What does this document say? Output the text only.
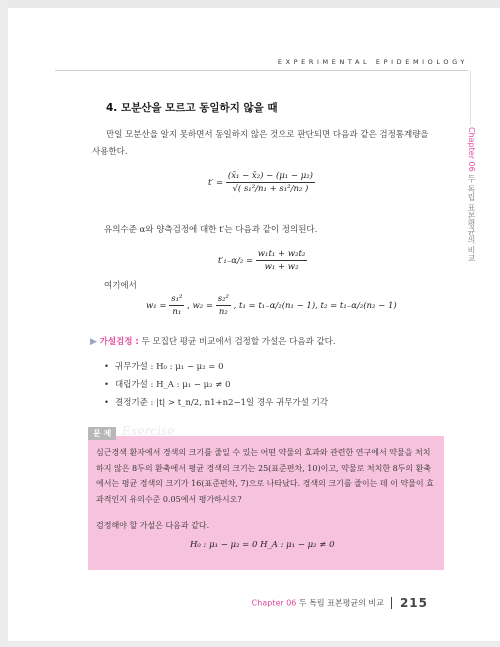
EXPERIMENTAL EPIDEMIOLOGY
Chapter 06 두 독립 표본평균의 비교
4. 모분산을 모르고 동일하지 않을 때
만일 모분산을 알지 못하면서 동일하지 않은 것으로 판단되면 다음과 같은 검정통계량을 사용한다.
$t' = \frac{\text{(x̄₁ − x̄₂) − (μ₁ − μ₂)}}{\text{√( s₁²/n₁ + s₁²/n₂ )}}$
유의수준 α와 양측검정에 대한 t′는 다음과 같이 정의된다.
$t'_{1-}\alpha/_2 = \frac{\text{w₁t₁ + w₂t₂}}{\text{w₁ + w₂}}$
여기에서
$w_1 = \frac{\text{s₁²}}{\text{n₁}}$ , $w_2 = \frac{\text{s₂²}}{\text{n₂}}$ , t₁ = t₁₋α/₂(n₁ − 1), t₂ = t₁₋α/₂(n₂ − 1)
▶ 가설검정 : 두 모집단 평균 비교에서 검정할 가설은 다음과 같다.
• 귀무가설 : H₀ : μ₁ − μ₂ = 0
• 대립가설 : H_A : μ₁ − μ₂ ≠ 0
• 결정기준 : |t| > t_n/2, n1+n2−1일 경우 귀무가설 기각
Exercise
문 제
심근경색 환자에서 경색의 크기를 줄일 수 있는 어떤 약물의 효과와 관련한 연구에서 약물을 처치하지 않은 8두의 환축에서 평균 경색의 크기는 25(표준편차, 10)이고, 약물로 처치한 8두의 환축에서는 평균 경색의 크기가 16(표준편차, 7)으로 나타났다. 경색의 크기를 줄이는 데 이 약물이 효과적인지 유의수준 0.05에서 평가하시오?
검정해야 할 가설은 다음과 같다.
H₀ : μ₁ − μ₂ = 0 H_A : μ₁ − μ₂ ≠ 0
Chapter 06 두 독립 표본평균의 비교 215
